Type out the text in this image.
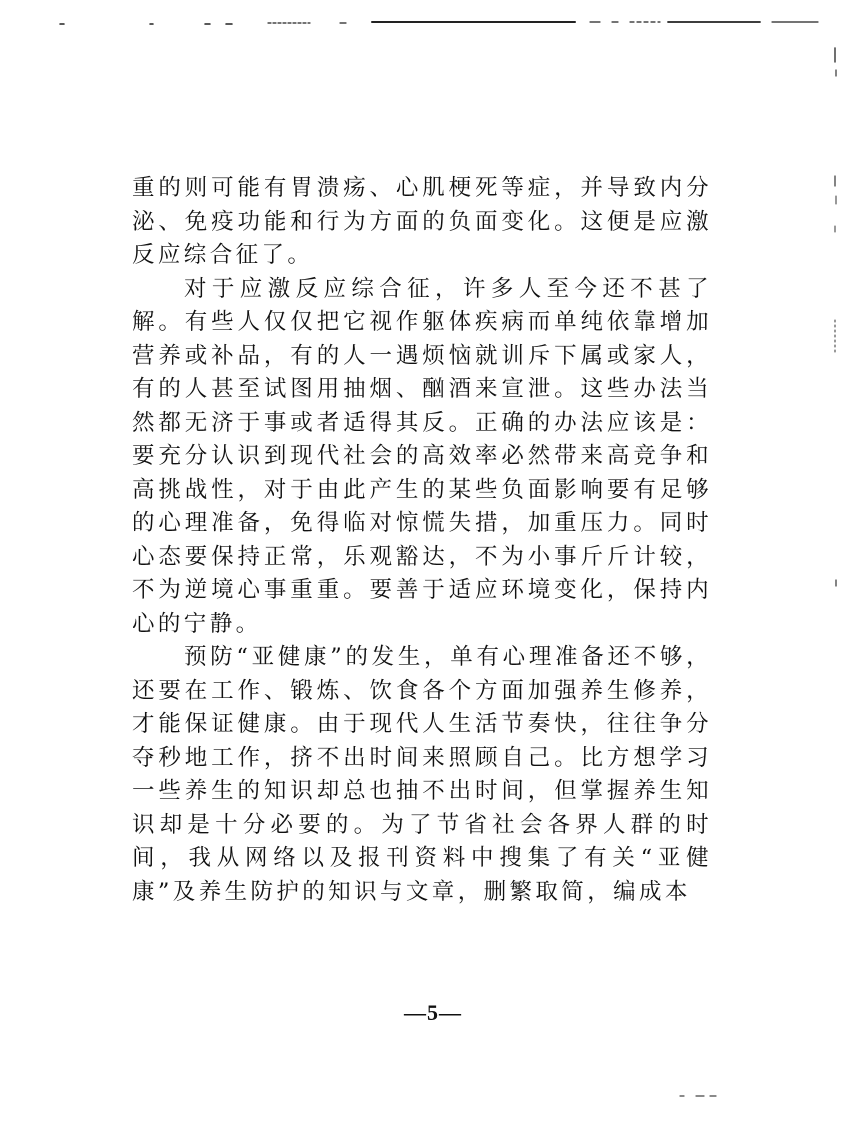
重的则可能有胃溃疡、心肌梗死等症，并导致内分泌、免疫功能和行为方面的负面变化。这便是应激反应综合征了。

对于应激反应综合征，许多人至今还不甚了解。有些人仅仅把它视作躯体疾病而单纯依靠增加营养或补品，有的人一遇烦恼就训斥下属或家人，有的人甚至试图用抽烟、酗酒来宣泄。这些办法当然都无济于事或者适得其反。正确的办法应该是：要充分认识到现代社会的高效率必然带来高竞争和高挑战性，对于由此产生的某些负面影响要有足够的心理准备，免得临对惊慌失措，加重压力。同时心态要保持正常，乐观豁达，不为小事斤斤计较，不为逆境心事重重。要善于适应环境变化，保持内心的宁静。

预防“亚健康”的发生，单有心理准备还不够，还要在工作、锻炼、饮食各个方面加强养生修养，才能保证健康。由于现代人生活节奏快，往往争分夺秒地工作，挤不出时间来照顾自己。比方想学习一些养生的知识却总也抽不出时间，但掌握养生知识却是十分必要的。为了节省社会各界人群的时间，我从网络以及报刊资料中搜集了有关“亚健康”及养生防护的知识与文章，删繁取简，编成本

—5—
